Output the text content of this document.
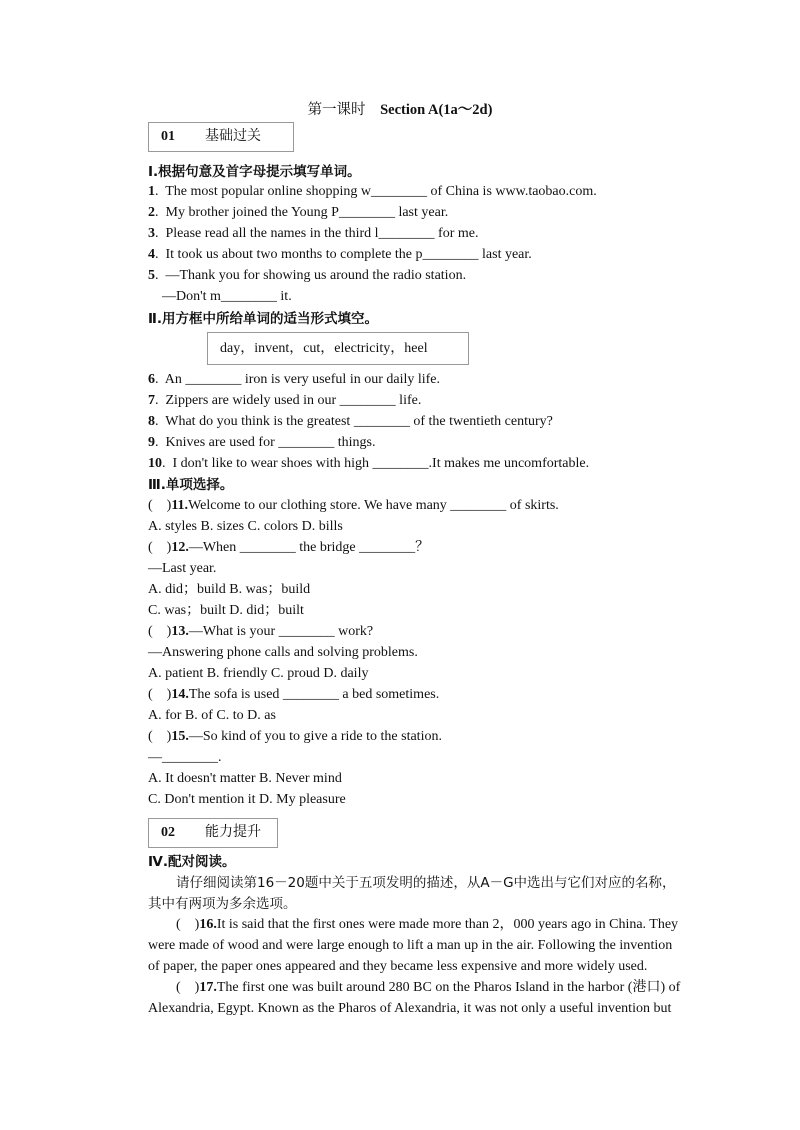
第一课时 Section A(1a～2d)
01 基础过关
Ⅰ.根据句意及首字母提示填写单词。
1.  The most popular online shopping w________ of China is www.taobao.com.
2.  My brother joined the Young P________ last year.
3.  Please read all the names in the third l________ for me.
4.  It took us about two months to complete the p________ last year.
5.  —Thank you for showing us around the radio station.
—Don't m________ it.
Ⅱ.用方框中所给单词的适当形式填空。
day，invent，cut，electricity，heel
6.  An ________ iron is very useful in our daily life.
7.  Zippers are widely used in our ________ life.
8.  What do you think is the greatest ________ of the twentieth century?
9.  Knives are used for ________ things.
10.  I don't like to wear shoes with high ________.It makes me uncomfortable.
Ⅲ.单项选择。
(    )11.Welcome to our clothing store. We have many ________ of skirts.
A. styles B. sizes C. colors D. bills
(    )12.—When ________ the bridge ________？
—Last year.
A. did；build B. was；build
C. was；built D. did；built
(    )13.—What is your ________ work?
—Answering phone calls and solving problems.
A. patient B. friendly C. proud D. daily
(    )14.The sofa is used ________ a bed sometimes.
A. for B. of C. to D. as
(    )15.—So kind of you to give a ride to the station.
—________.
A. It doesn't matter B. Never mind
C. Don't mention it D. My pleasure
02 能力提升
Ⅳ.配对阅读。
请仔细阅读第16－20题中关于五项发明的描述，从A－G中选出与它们对应的名称，
其中有两项为多余选项。
(    )16.It is said that the first ones were made more than 2，000 years ago in China. They
were made of wood and were large enough to lift a man up in the air. Following the invention
of paper, the paper ones appeared and they became less expensive and more widely used.
(    )17.The first one was built around 280 BC on the Pharos Island in the harbor (港口) of
Alexandria, Egypt. Known as the Pharos of Alexandria, it was not only a useful invention but
